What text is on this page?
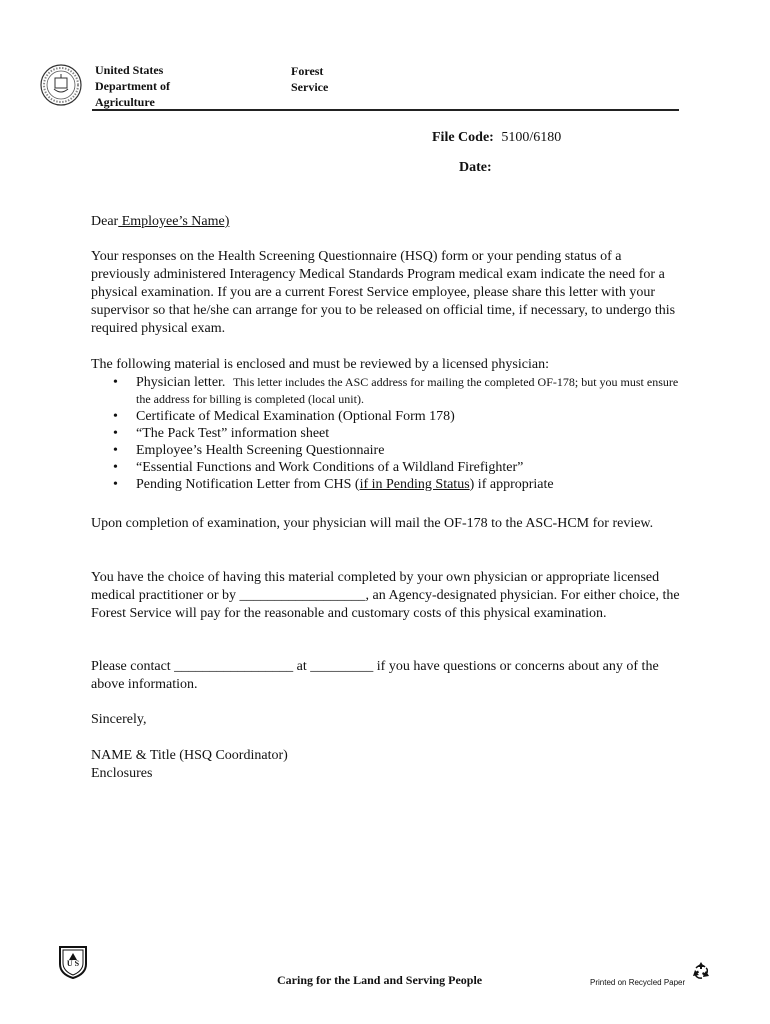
United States
Department of
Agriculture
Forest
Service
File Code: 5100/6180
Date:
Dear Employee’s Name)

Your responses on the Health Screening Questionnaire (HSQ) form or your pending status of a previously administered Interagency Medical Standards Program medical exam indicate the need for a physical examination. If you are a current Forest Service employee, please share this letter with your supervisor so that he/she can arrange for you to be released on official time, if necessary, to undergo this required physical exam.

The following material is enclosed and must be reviewed by a licensed physician:

• Physician letter. This letter includes the ASC address for mailing the completed OF-178; but you must ensure the address for billing is completed (local unit).
• Certificate of Medical Examination (Optional Form 178)
• “The Pack Test” information sheet
• Employee’s Health Screening Questionnaire
• “Essential Functions and Work Conditions of a Wildland Firefighter”
• Pending Notification Letter from CHS (if in Pending Status) if appropriate

Upon completion of examination, your physician will mail the OF-178 to the ASC-HCM for review.

You have the choice of having this material completed by your own physician or appropriate licensed medical practitioner or by __________________, an Agency-designated physician. For either choice, the Forest Service will pay for the reasonable and customary costs of this physical examination.

Please contact _________________ at _________ if you have questions or concerns about any of the above information.

Sincerely,

NAME & Title (HSQ Coordinator)

Enclosures

U S
Caring for the Land and Serving People	Printed on Recycled Paper
